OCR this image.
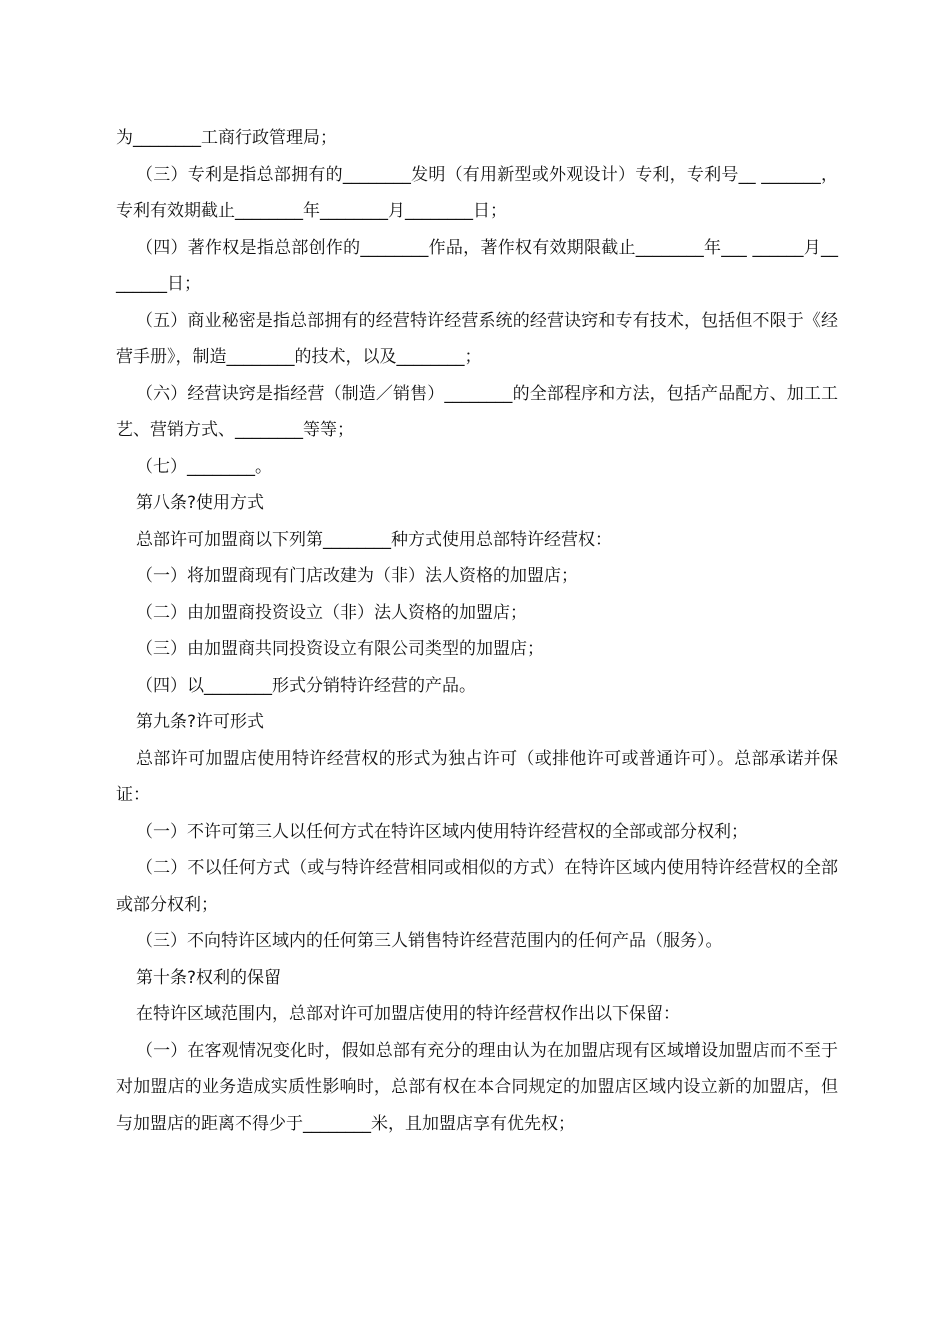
为________工商行政管理局；

（三）专利是指总部拥有的________发明（有用新型或外观设计）专利，专利号__ _______，专利有效期截止________年________月________日；

（四）著作权是指总部创作的________作品，著作权有效期限截止________年___ ______月________日；

（五）商业秘密是指总部拥有的经营特许经营系统的经营诀窍和专有技术，包括但不限于《经营手册》，制造________的技术，以及________；

（六）经营诀窍是指经营（制造／销售）________的全部程序和方法，包括产品配方、加工工艺、营销方式、________等等；

（七）________。

第八条?使用方式

总部许可加盟商以下列第________种方式使用总部特许经营权：

（一）将加盟商现有门店改建为（非）法人资格的加盟店；

（二）由加盟商投资设立（非）法人资格的加盟店；

（三）由加盟商共同投资设立有限公司类型的加盟店；

（四）以________形式分销特许经营的产品。

第九条?许可形式

总部许可加盟店使用特许经营权的形式为独占许可（或排他许可或普通许可）。总部承诺并保证：

（一）不许可第三人以任何方式在特许区域内使用特许经营权的全部或部分权利；

（二）不以任何方式（或与特许经营相同或相似的方式）在特许区域内使用特许经营权的全部或部分权利；

（三）不向特许区域内的任何第三人销售特许经营范围内的任何产品（服务）。

第十条?权利的保留

在特许区域范围内，总部对许可加盟店使用的特许经营权作出以下保留：

（一）在客观情况变化时，假如总部有充分的理由认为在加盟店现有区域增设加盟店而不至于对加盟店的业务造成实质性影响时，总部有权在本合同规定的加盟店区域内设立新的加盟店，但与加盟店的距离不得少于________米，且加盟店享有优先权；
